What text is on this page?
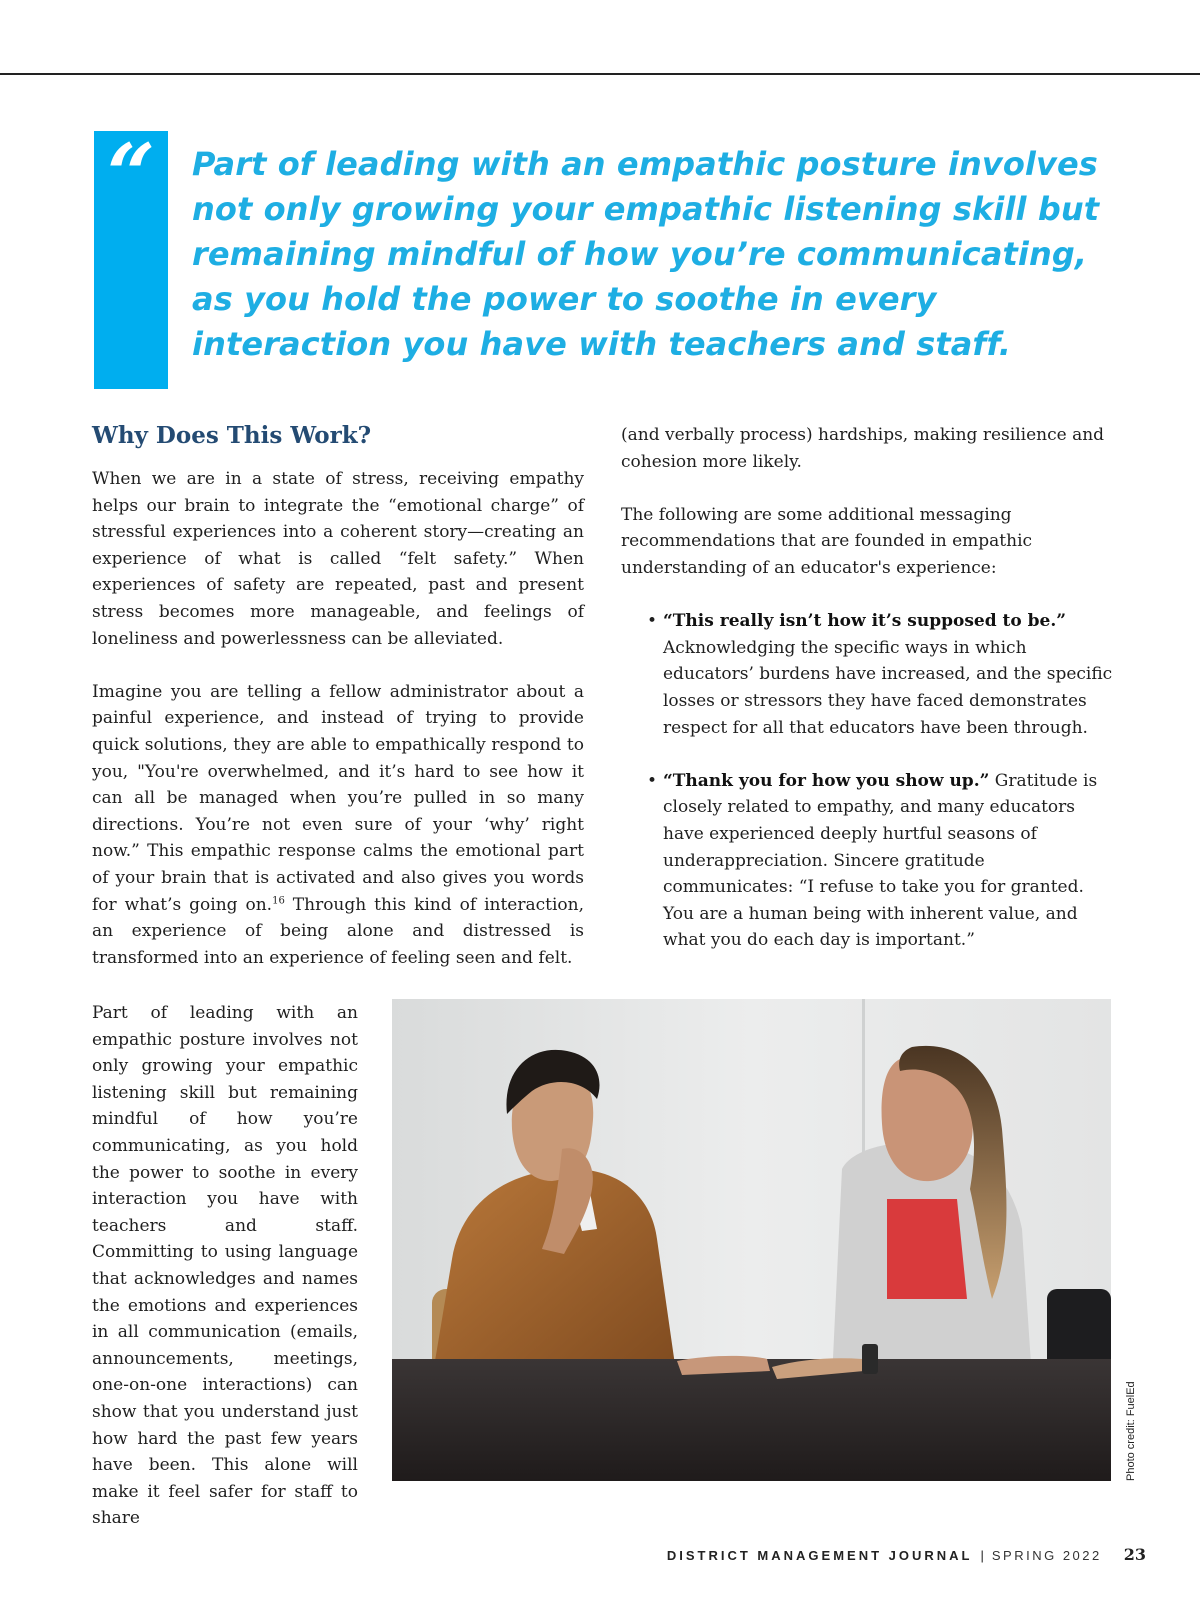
“	Part of leading with an empathic posture involves not only growing your empathic listening skill but remaining mindful of how you’re communicating, as you hold the power to soothe in every interaction you have with teachers and staff.

Why Does This Work?

When we are in a state of stress, receiving empathy helps our brain to integrate the “emotional charge” of stressful experiences into a coherent story—creating an experience of what is called “felt safety.” When experiences of safety are repeated, past and present stress becomes more manageable, and feelings of loneliness and powerlessness can be alleviated.

Imagine you are telling a fellow administrator about a painful experience, and instead of trying to provide quick solutions, they are able to empathically respond to you, "You're overwhelmed, and it’s hard to see how it can all be managed when you’re pulled in so many directions. You’re not even sure of your ‘why’ right now.” This empathic response calms the emotional part of your brain that is activated and also gives you words for what’s going on.$^{16}$ Through this kind of interaction, an experience of being alone and distressed is transformed into an experience of feeling seen and felt.

(and verbally process) hardships, making resilience and cohesion more likely.

The following are some additional messaging recommendations that are founded in empathic understanding of an educator's experience:

• “This really isn’t how it’s supposed to be.”
Acknowledging the specific ways in which educators’ burdens have increased, and the specific losses or stressors they have faced demonstrates respect for all that educators have been through.
• “Thank you for how you show up.” Gratitude is closely related to empathy, and many educators have experienced deeply hurtful seasons of underappreciation. Sincere gratitude communicates: “I refuse to take you for granted. You are a human being with inherent value, and what you do each day is important.”

Part of leading with an empathic posture involves not only growing your empathic listening skill but remaining mindful of how you’re communicating, as you hold the power to soothe in every interaction you have with teachers and staff. Committing to using language that acknowledges and names the emotions and experiences in all communication (emails, announcements, meetings, one-on-one interactions) can show that you understand just how hard the past few years have been. This alone will make it feel safer for staff to share

Photo credit: FuelEd
DISTRICT MANAGEMENT JOURNAL | SPRING 2022 23
